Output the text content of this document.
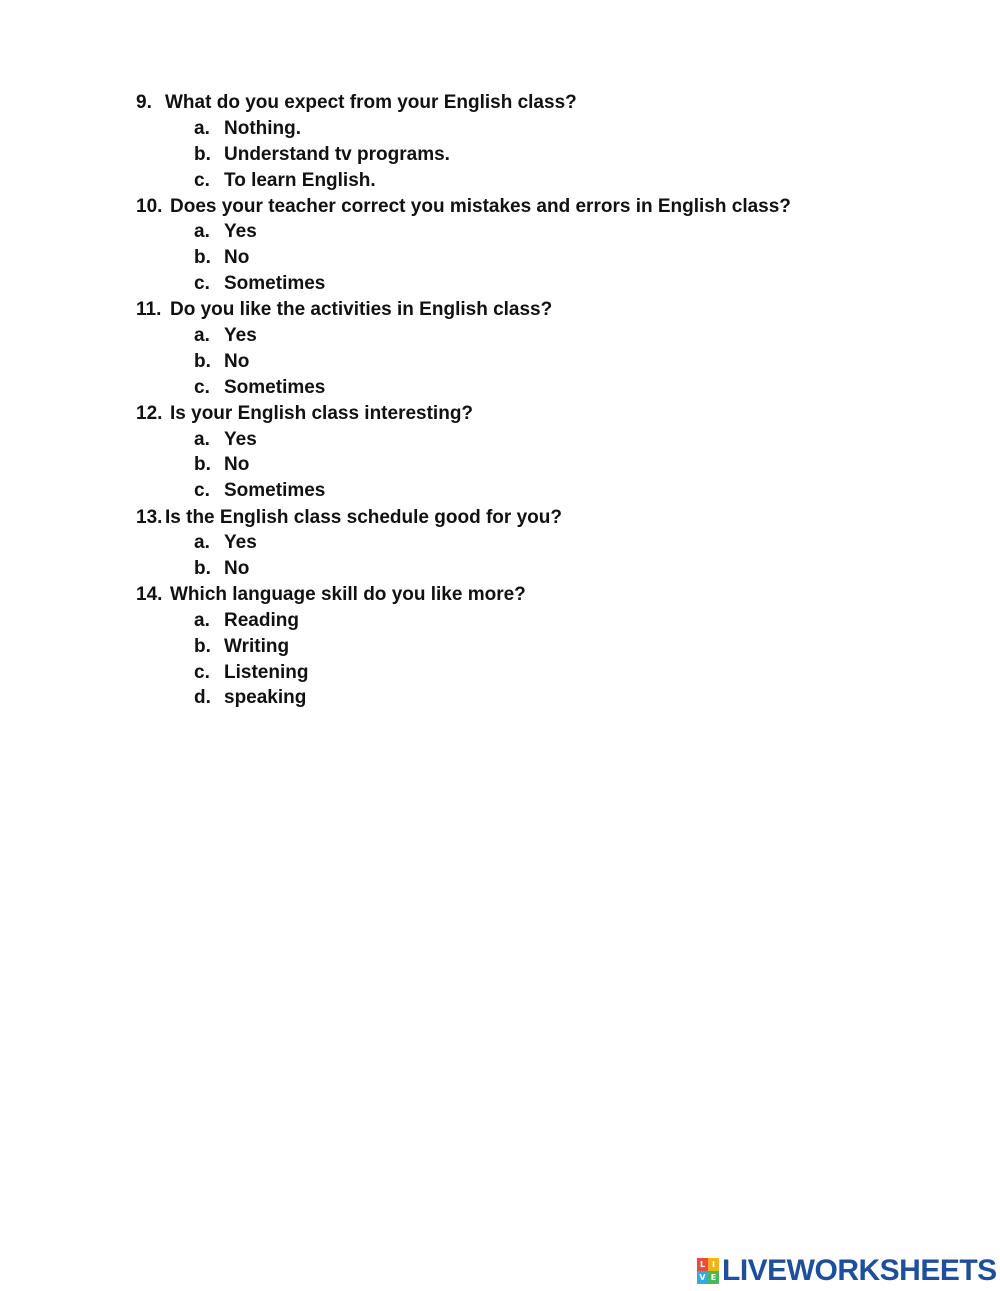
9. What do you expect from your English class?
a. Nothing.
b. Understand tv programs.
c. To learn English.
10. Does your teacher correct you mistakes and errors in English class?
a. Yes
b. No
c. Sometimes
11. Do you like the activities in English class?
a. Yes
b. No
c. Sometimes
12. Is your English class interesting?
a. Yes
b. No
c. Sometimes
13. Is the English class schedule good for you?
a. Yes
b. No
14. Which language skill do you like more?
a. Reading
b. Writing
c. Listening
d. speaking
L I
V E LIVEWORKSHEETS
